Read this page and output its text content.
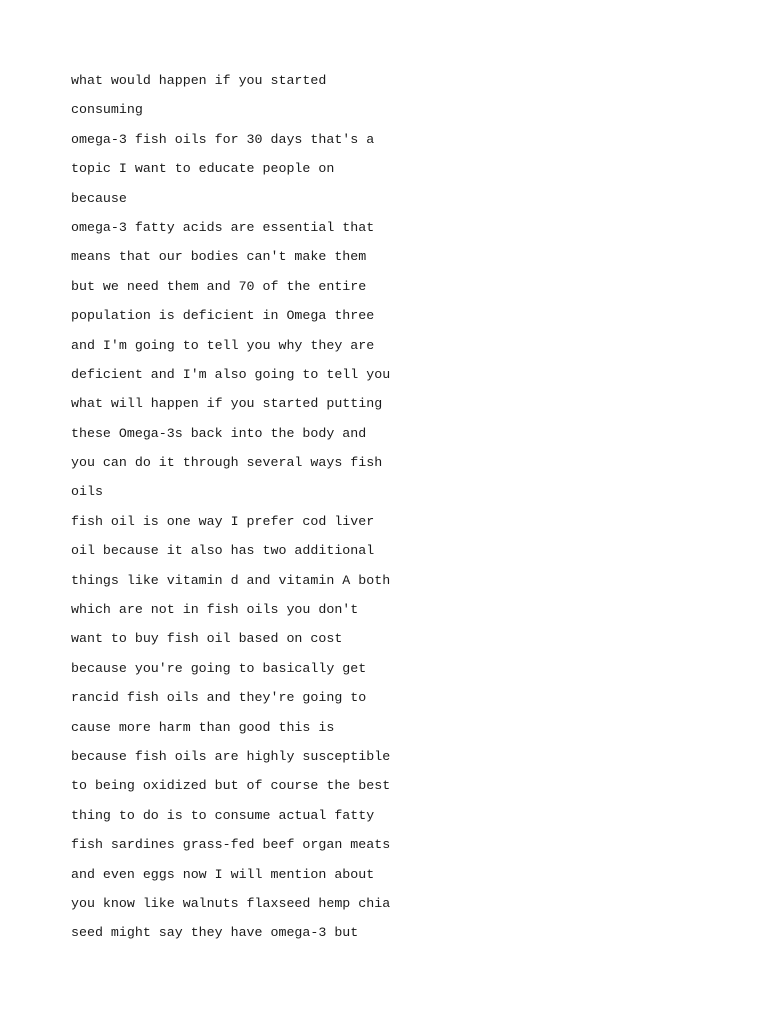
what would happen if you started
consuming
omega-3 fish oils for 30 days that's a
topic I want to educate people on
because
omega-3 fatty acids are essential that
means that our bodies can't make them
but we need them and 70 of the entire
population is deficient in Omega three
and I'm going to tell you why they are
deficient and I'm also going to tell you
what will happen if you started putting
these Omega-3s back into the body and
you can do it through several ways fish
oils
fish oil is one way I prefer cod liver
oil because it also has two additional
things like vitamin d and vitamin A both
which are not in fish oils you don't
want to buy fish oil based on cost
because you're going to basically get
rancid fish oils and they're going to
cause more harm than good this is
because fish oils are highly susceptible
to being oxidized but of course the best
thing to do is to consume actual fatty
fish sardines grass-fed beef organ meats
and even eggs now I will mention about
you know like walnuts flaxseed hemp chia
seed might say they have omega-3 but
